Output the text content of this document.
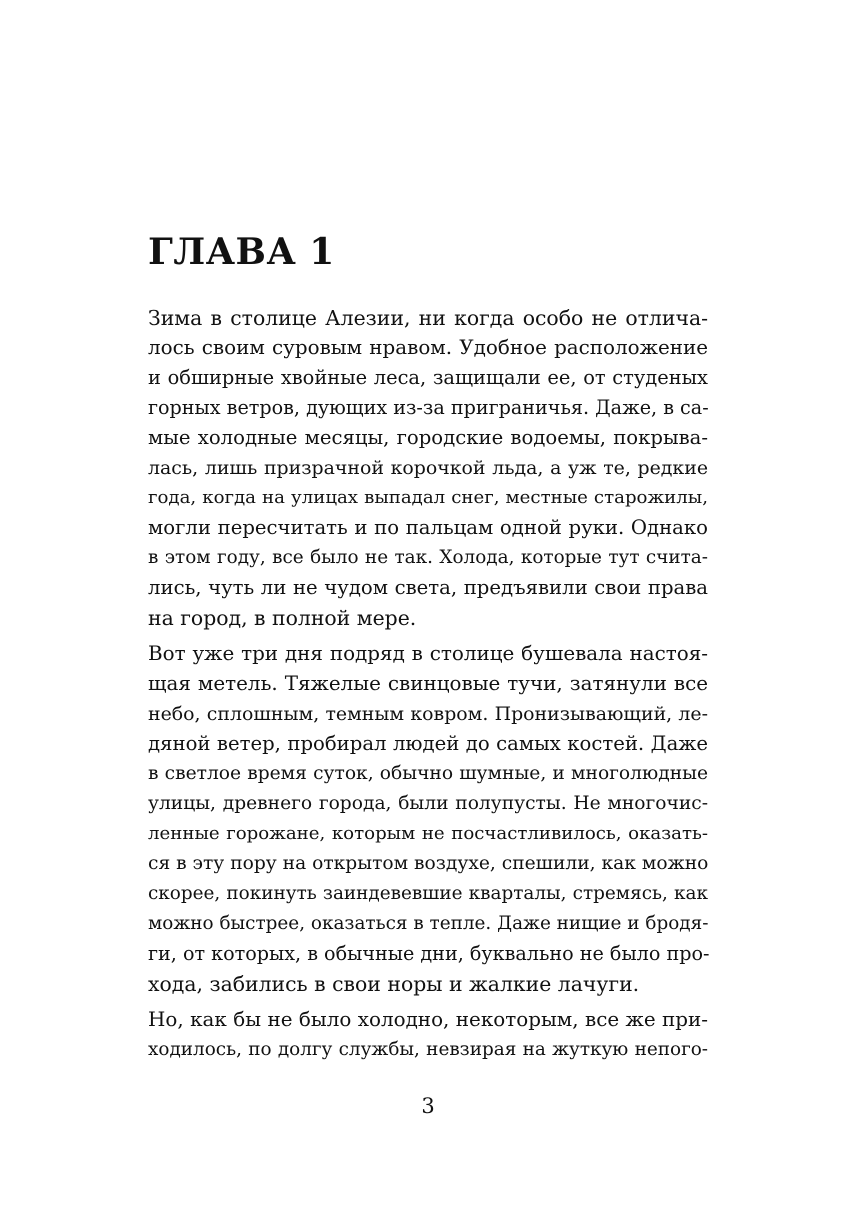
ГЛАВА 1
Зима в столице Алезии, ни когда особо не отлича-
лось своим суровым нравом. Удобное расположение
и обширные хвойные леса, защищали ее, от студеных
горных ветров, дующих из-за приграничья. Даже, в са-
мые холодные месяцы, городские водоемы, покрыва-
лась, лишь призрачной корочкой льда, а уж те, редкие
года, когда на улицах выпадал снег, местные старожилы,
могли пересчитать и по пальцам одной руки. Однако
в этом году, все было не так. Холода, которые тут счита-
лись, чуть ли не чудом света, предъявили свои права
на город, в полной мере.
Вот уже три дня подряд в столице бушевала настоя-
щая метель. Тяжелые свинцовые тучи, затянули все
небо, сплошным, темным ковром. Пронизывающий, ле-
дяной ветер, пробирал людей до самых костей. Даже
в светлое время суток, обычно шумные, и многолюдные
улицы, древнего города, были полупусты. Не многочис-
ленные горожане, которым не посчастливилось, оказать-
ся в эту пору на открытом воздухе, спешили, как можно
скорее, покинуть заиндевевшие кварталы, стремясь, как
можно быстрее, оказаться в тепле. Даже нищие и бродя-
ги, от которых, в обычные дни, буквально не было про-
хода, забились в свои норы и жалкие лачуги.
Но, как бы не было холодно, некоторым, все же при-
ходилось, по долгу службы, невзирая на жуткую непого-
3
